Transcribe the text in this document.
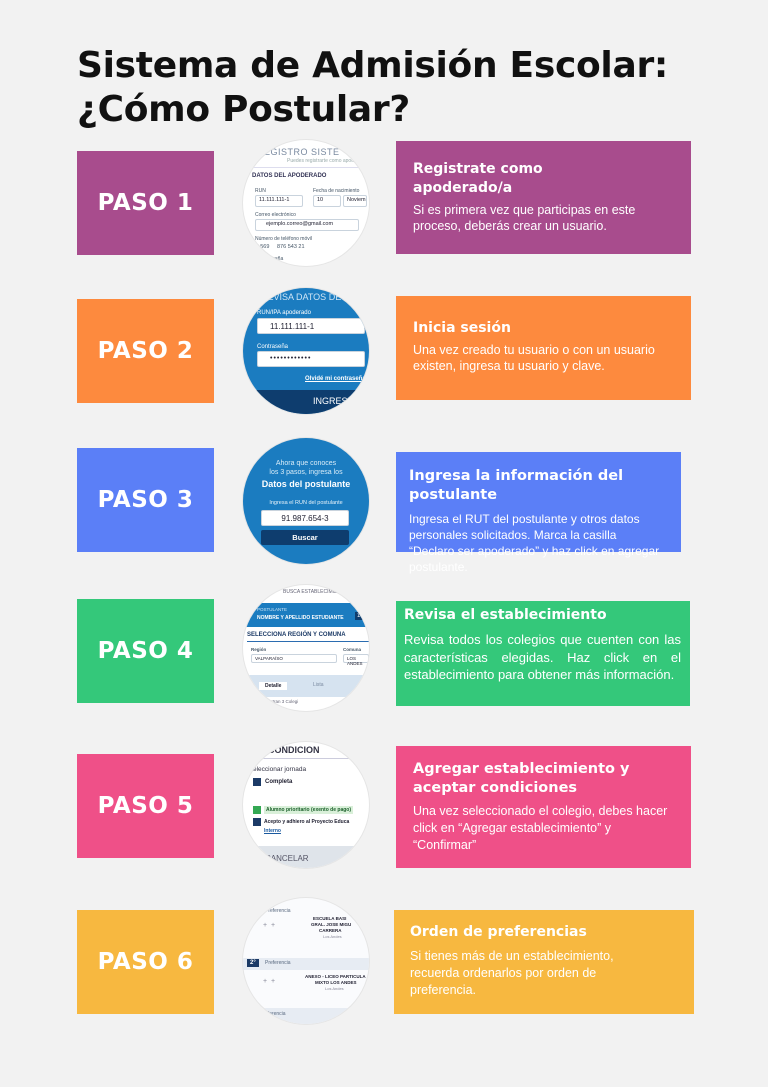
Sistema de Admisión Escolar:
¿Cómo Postular?
PASO 1
REGISTRO SISTE
Puedes registrarte como apode
DATOS DEL APODERADO
RUN
11.111.111-1
Fecha de nacimiento
10	Noviem
Correo electrónico
ejemplo.correo@gmail.com
Número de teléfono móvil
+569 876 543 21
ontraseña
Registrate como apoderado/a
Si es primera vez que participas en este proceso, deberás crear un usuario.
PASO 2
REVISA DATOS DE
RUN/IPA apoderado
11.111.111-1
Contraseña
••••••••••••
Olvidé mi contraseña
INGRESA
Inicia sesión
Una vez creado tu usuario o con un usuario existen, ingresa tu usuario y clave.
PASO 3
Ahora que conoces
los 3 pasos, ingresa los
Datos del postulante
Ingresa el RUN del postulante
91.987.654-3
Buscar
Ingresa la información del postulante
Ingresa el RUT del postulante y otros datos personales solicitados. Marca la casilla “Declaro ser apoderado” y haz click en agregar postulante.
PASO 4
BUSCA ESTABLECIMIENTOS
POSTULANTE
NOMBRE Y APELLIDO ESTUDIANTE	1°
SELECCIONA REGIÓN Y COMUNA
Región
VALPARAÍSO
Comuna
LOS ANDES
Detalle	Lista
Se muestran 3 Colegi
Revisa el establecimiento
Revisa todos los colegios que cuenten con las características elegidas. Haz click en el establecimiento para obtener más información.
PASO 5
R CONDICION
eleccionar jornada
Completa
Alumno prioritario (exento de pago)
Acepto y adhiero al Proyecto Educa
Interno
CANCELAR
Agregar establecimiento y aceptar condiciones
Una vez seleccionado el colegio, debes hacer click en “Agregar establecimiento” y “Confirmar”
PASO 6
Preferencia
+  +
ESCUELA BASI
GRAL. JOSE MIGU
CARRERA
Los Andes
2°	Preferencia
+  +
ANEXO - LICEO PARTICULA
MIXTO LOS ANDES
Los Andes
eferencia
Orden de preferencias
Si tienes más de un establecimiento, recuerda ordenarlos por orden de preferencia.
